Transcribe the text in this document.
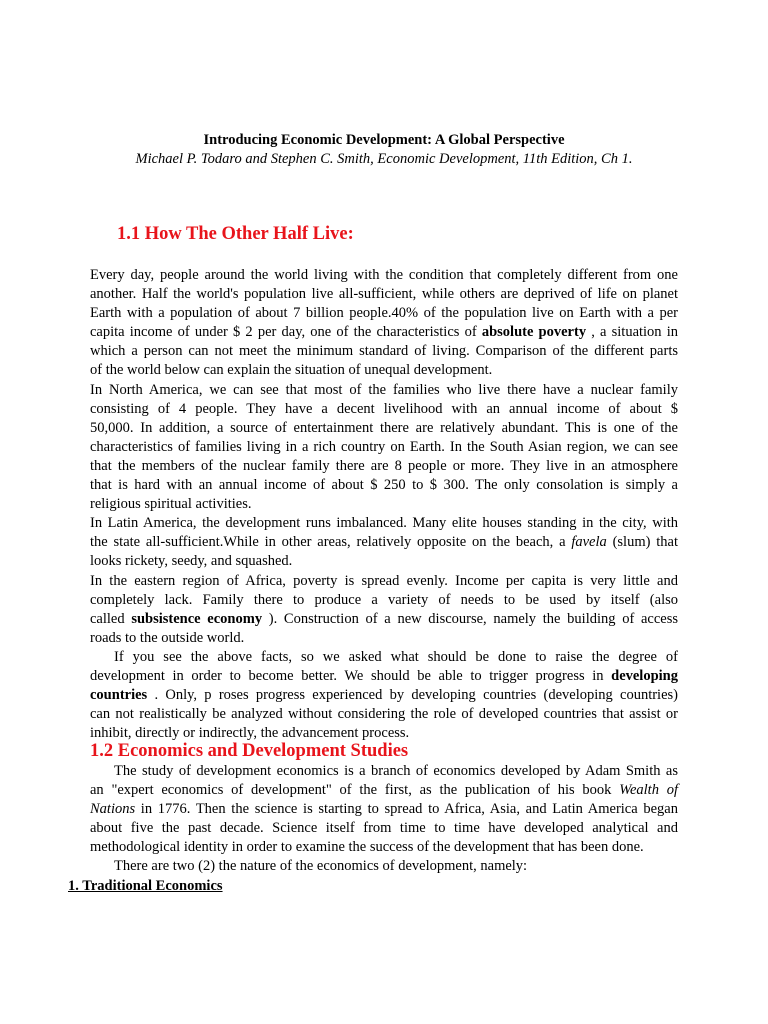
Introducing Economic Development: A Global Perspective
Michael P. Todaro and Stephen C. Smith, Economic Development, 11th Edition, Ch 1.
1.1 How The Other Half Live:
Every day, people around the world living with the condition that completely different from one
another. Half the world's population live all-sufficient, while others are deprived of life on planet
Earth with a population of about 7 billion people.40% of the population live on Earth with a per
capita income of under $ 2 per day, one of the characteristics of absolute poverty , a situation in
which a person can not meet the minimum standard of living. Comparison of the different parts
of the world below can explain the situation of unequal development.
In North America, we can see that most of the families who live there have a nuclear family
consisting of 4 people. They have a decent livelihood with an annual income of about $
50,000. In addition, a source of entertainment there are relatively abundant. This is one of the
characteristics of families living in a rich country on Earth. In the South Asian region, we can see
that the members of the nuclear family there are 8 people or more. They live in an atmosphere
that is hard with an annual income of about $ 250 to $ 300. The only consolation is simply a
religious spiritual activities.
In Latin America, the development runs imbalanced. Many elite houses standing in the city, with
the state all-sufficient.While in other areas, relatively opposite on the beach, a favela (slum) that
looks rickety, seedy, and squashed.
In the eastern region of Africa, poverty is spread evenly. Income per capita is very little and
completely lack. Family there to produce a variety of needs to be used by itself (also
called subsistence economy ). Construction of a new discourse, namely the building of access
roads to the outside world.
If you see the above facts, so we asked what should be done to raise the degree of
development in order to become better. We should be able to trigger progress in developing
countries . Only, p roses progress experienced by developing countries (developing countries)
can not realistically be analyzed without considering the role of developed countries that assist or
inhibit, directly or indirectly, the advancement process.
1.2 Economics and Development Studies
The study of development economics is a branch of economics developed by Adam Smith as
an "expert economics of development" of the first, as the publication of his book Wealth of
Nations in 1776. Then the science is starting to spread to Africa, Asia, and Latin America began
about five the past decade. Science itself from time to time have developed analytical and
methodological identity in order to examine the success of the development that has been done.
There are two (2) the nature of the economics of development, namely:
1. Traditional Economics
